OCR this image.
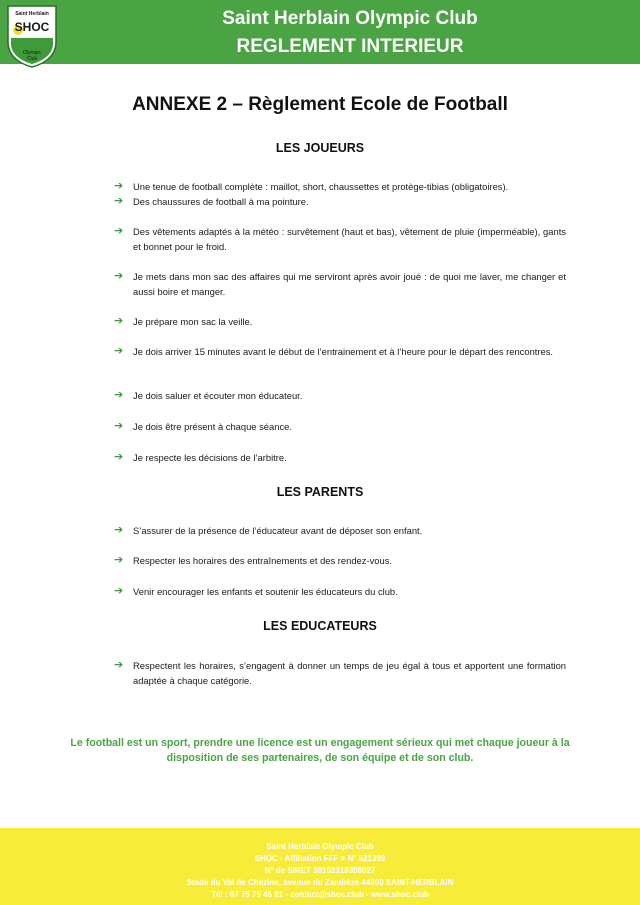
Saint Herblain
SHOC
Olympic
Club
Saint Herblain Olympic Club
REGLEMENT INTERIEUR
ANNEXE 2 – Règlement Ecole de Football
LES JOUEURS
➔ Une tenue de football complète : maillot, short, chaussettes et protège-tibias (obligatoires).
➔ Des chaussures de football à ma pointure.
➔ Des vêtements adaptés à la météo : survêtement (haut et bas), vêtement de pluie (imperméable), gants et bonnet pour le froid.
➔ Je mets dans mon sac des affaires qui me serviront après avoir joué : de quoi me laver, me changer et aussi boire et manger.
➔ Je prépare mon sac la veille.
➔ Je dois arriver 15 minutes avant le début de l’entrainement et à l’heure pour le départ des rencontres.
➔ Je dois saluer et écouter mon éducateur.
➔ Je dois être présent à chaque séance.
➔ Je respecte les décisions de l’arbitre.
LES PARENTS
➔ S’assurer de la présence de l’éducateur avant de déposer son enfant.
➔ Respecter les horaires des entraînements et des rendez-vous.
➔ Venir encourager les enfants et soutenir les éducateurs du club.
LES EDUCATEURS
➔ Respectent les horaires, s’engagent à donner un temps de jeu égal à tous et apportent une formation adaptée à chaque catégorie.
Le football est un sport, prendre une licence est un engagement sérieux qui met chaque joueur à la disposition de ses partenaires, de son équipe et de son club.
Saint Herblain Olympic Club
SHOC - Affiliation FFF = N° 521399
N° de SIRET 38102318300027
Stade du Val de Chézine, avenue du Zambèze 44800 SAINT-HERBLAIN
Tél : 07 75 75 45 81 - contact@shoc.club - www.shoc.club
